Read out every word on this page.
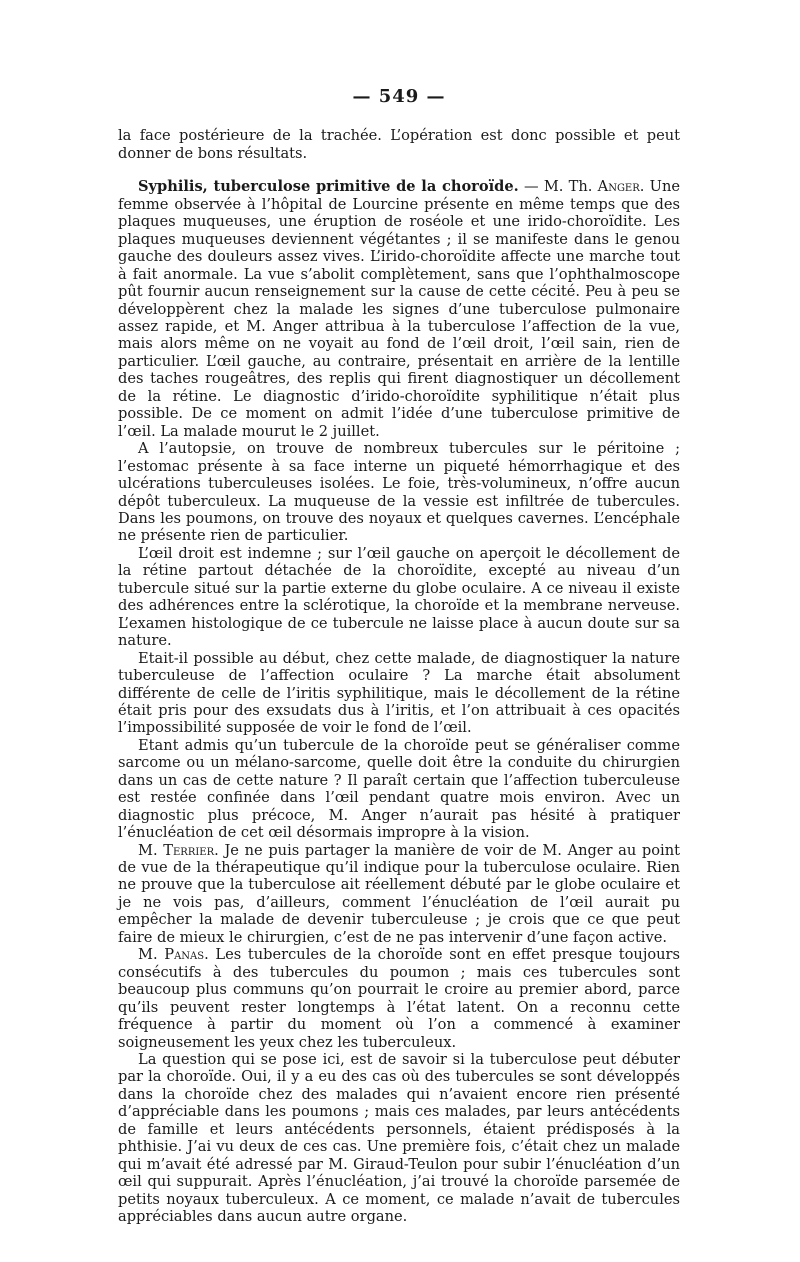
— 549 —

la face postérieure de la trachée. L’opération est donc possible et peut donner de bons résultats.

Syphilis, tuberculose primitive de la choroïde. — M. Th. Anger. Une femme observée à l’hôpital de Lourcine présente en même temps que des plaques muqueuses, une éruption de roséole et une irido-choroïdite. Les plaques muqueuses deviennent végétantes ; il se manifeste dans le genou gauche des douleurs assez vives. L’irido-choroïdite affecte une marche tout à fait anormale. La vue s’abolit complètement, sans que l’ophthalmoscope pût fournir aucun renseignement sur la cause de cette cécité. Peu à peu se développèrent chez la malade les signes d’une tuberculose pulmonaire assez rapide, et M. Anger attribua à la tuberculose l’affection de la vue, mais alors même on ne voyait au fond de l’œil droit, l’œil sain, rien de particulier. L’œil gauche, au contraire, présentait en arrière de la lentille des taches rougeâtres, des replis qui firent diagnostiquer un décollement de la rétine. Le diagnostic d’irido-choroïdite syphilitique n’était plus possible. De ce moment on admit l’idée d’une tuberculose primitive de l’œil. La malade mourut le 2 juillet.

A l’autopsie, on trouve de nombreux tubercules sur le péritoine ; l’estomac présente à sa face interne un piqueté hémorrhagique et des ulcérations tuberculeuses isolées. Le foie, très-volumineux, n’offre aucun dépôt tuberculeux. La muqueuse de la vessie est infiltrée de tubercules. Dans les poumons, on trouve des noyaux et quelques cavernes. L’encéphale ne présente rien de particulier.

L’œil droit est indemne ; sur l’œil gauche on aperçoit le décollement de la rétine partout détachée de la choroïdite, excepté au niveau d’un tubercule situé sur la partie externe du globe oculaire. A ce niveau il existe des adhérences entre la sclérotique, la choroïde et la membrane nerveuse. L’examen histologique de ce tubercule ne laisse place à aucun doute sur sa nature.

Etait-il possible au début, chez cette malade, de diagnostiquer la nature tuberculeuse de l’affection oculaire ? La marche était absolument différente de celle de l’iritis syphilitique, mais le décollement de la rétine était pris pour des exsudats dus à l’iritis, et l’on attribuait à ces opacités l’impossibilité supposée de voir le fond de l’œil.

Etant admis qu’un tubercule de la choroïde peut se généraliser comme sarcome ou un mélano-sarcome, quelle doit être la conduite du chirurgien dans un cas de cette nature ? Il paraît certain que l’affection tuberculeuse est restée confinée dans l’œil pendant quatre mois environ. Avec un diagnostic plus précoce, M. Anger n’aurait pas hésité à pratiquer l’énucléation de cet œil désormais impropre à la vision.

M. Terrier. Je ne puis partager la manière de voir de M. Anger au point de vue de la thérapeutique qu’il indique pour la tuberculose oculaire. Rien ne prouve que la tuberculose ait réellement débuté par le globe oculaire et je ne vois pas, d’ailleurs, comment l’énucléation de l’œil aurait pu empêcher la malade de devenir tuberculeuse ; je crois que ce que peut faire de mieux le chirurgien, c’est de ne pas intervenir d’une façon active.

M. Panas. Les tubercules de la choroïde sont en effet presque toujours consécutifs à des tubercules du poumon ; mais ces tubercules sont beaucoup plus communs qu’on pourrait le croire au premier abord, parce qu’ils peuvent rester longtemps à l’état latent. On a reconnu cette fréquence à partir du moment où l’on a commencé à examiner soigneusement les yeux chez les tuberculeux.

La question qui se pose ici, est de savoir si la tuberculose peut débuter par la choroïde. Oui, il y a eu des cas où des tubercules se sont développés dans la choroïde chez des malades qui n’avaient encore rien présenté d’appréciable dans les poumons ; mais ces malades, par leurs antécédents de famille et leurs antécédents personnels, étaient prédisposés à la phthisie. J’ai vu deux de ces cas. Une première fois, c’était chez un malade qui m’avait été adressé par M. Giraud-Teulon pour subir l’énucléation d’un œil qui suppurait. Après l’énucléation, j’ai trouvé la choroïde parsemée de petits noyaux tuberculeux. A ce moment, ce malade n’avait de tubercules appréciables dans aucun autre organe.
